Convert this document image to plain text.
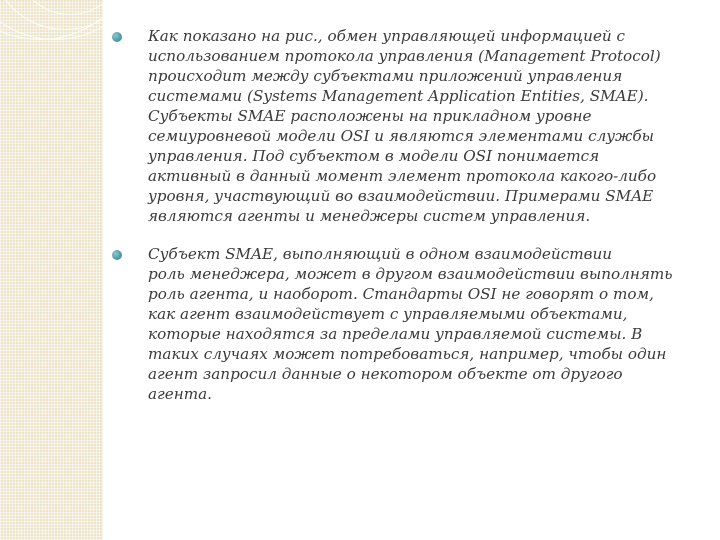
Как показано на рис., обмен управляющей информацией с
использованием протокола управления (Management Protocol)
происходит между субъектами приложений управления
системами (Systems Management Application Entities, SMAE).
Субъекты SMAE расположены на прикладном уровне
семиуровневой модели OSI и являются элементами службы
управления. Под субъектом в модели OSI понимается
активный в данный момент элемент протокола какого-либо
уровня, участвующий во взаимодействии. Примерами SMAE
являются агенты и менеджеры систем управления.
Субъект SMAE, выполняющий в одном взаимодействии
роль менеджера, может в другом взаимодействии выполнять
роль агента, и наоборот. Стандарты OSI не говорят о том,
как агент взаимодействует с управляемыми объектами,
которые находятся за пределами управляемой системы. В
таких случаях может потребоваться, например, чтобы один
агент запросил данные о некотором объекте от другого
агента.
